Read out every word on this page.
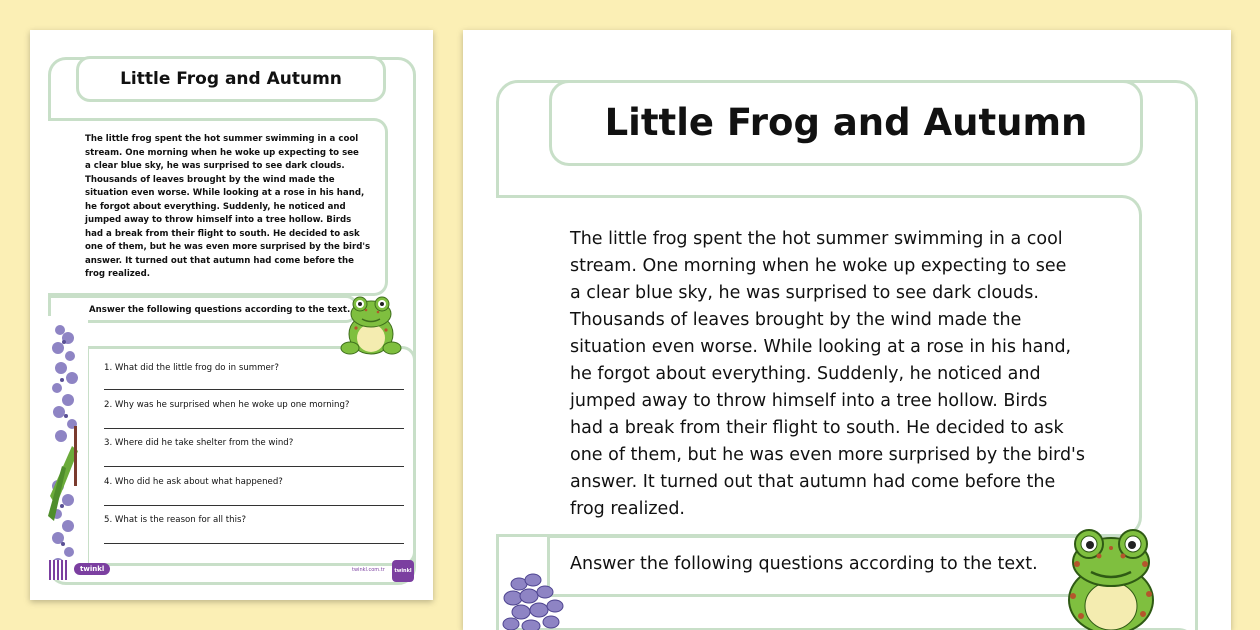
Little Frog and Autumn
The little frog spent the hot summer swimming in a cool
stream. One morning when he woke up expecting to see
a clear blue sky, he was surprised to see dark clouds.
Thousands of leaves brought by the wind made the
situation even worse. While looking at a rose in his hand,
he forgot about everything. Suddenly, he noticed and
jumped away to throw himself into a tree hollow. Birds
had a break from their flight to south. He decided to ask
one of them, but he was even more surprised by the bird's
answer. It turned out that autumn had come before the
frog realized.
Answer the following questions according to the text.
1. What did the little frog do in summer?
2. Why was he surprised when he woke up one morning?
3. Where did he take shelter from the wind?
4. Who did he ask about what happened?
5. What is the reason for all this?
twinkl	twinkl.com.tr	twinkl
Little Frog and Autumn
The little frog spent the hot summer swimming in a cool
stream. One morning when he woke up expecting to see
a clear blue sky, he was surprised to see dark clouds.
Thousands of leaves brought by the wind made the
situation even worse. While looking at a rose in his hand,
he forgot about everything. Suddenly, he noticed and
jumped away to throw himself into a tree hollow. Birds
had a break from their flight to south. He decided to ask
one of them, but he was even more surprised by the bird's
answer. It turned out that autumn had come before the
frog realized.
Answer the following questions according to the text.
